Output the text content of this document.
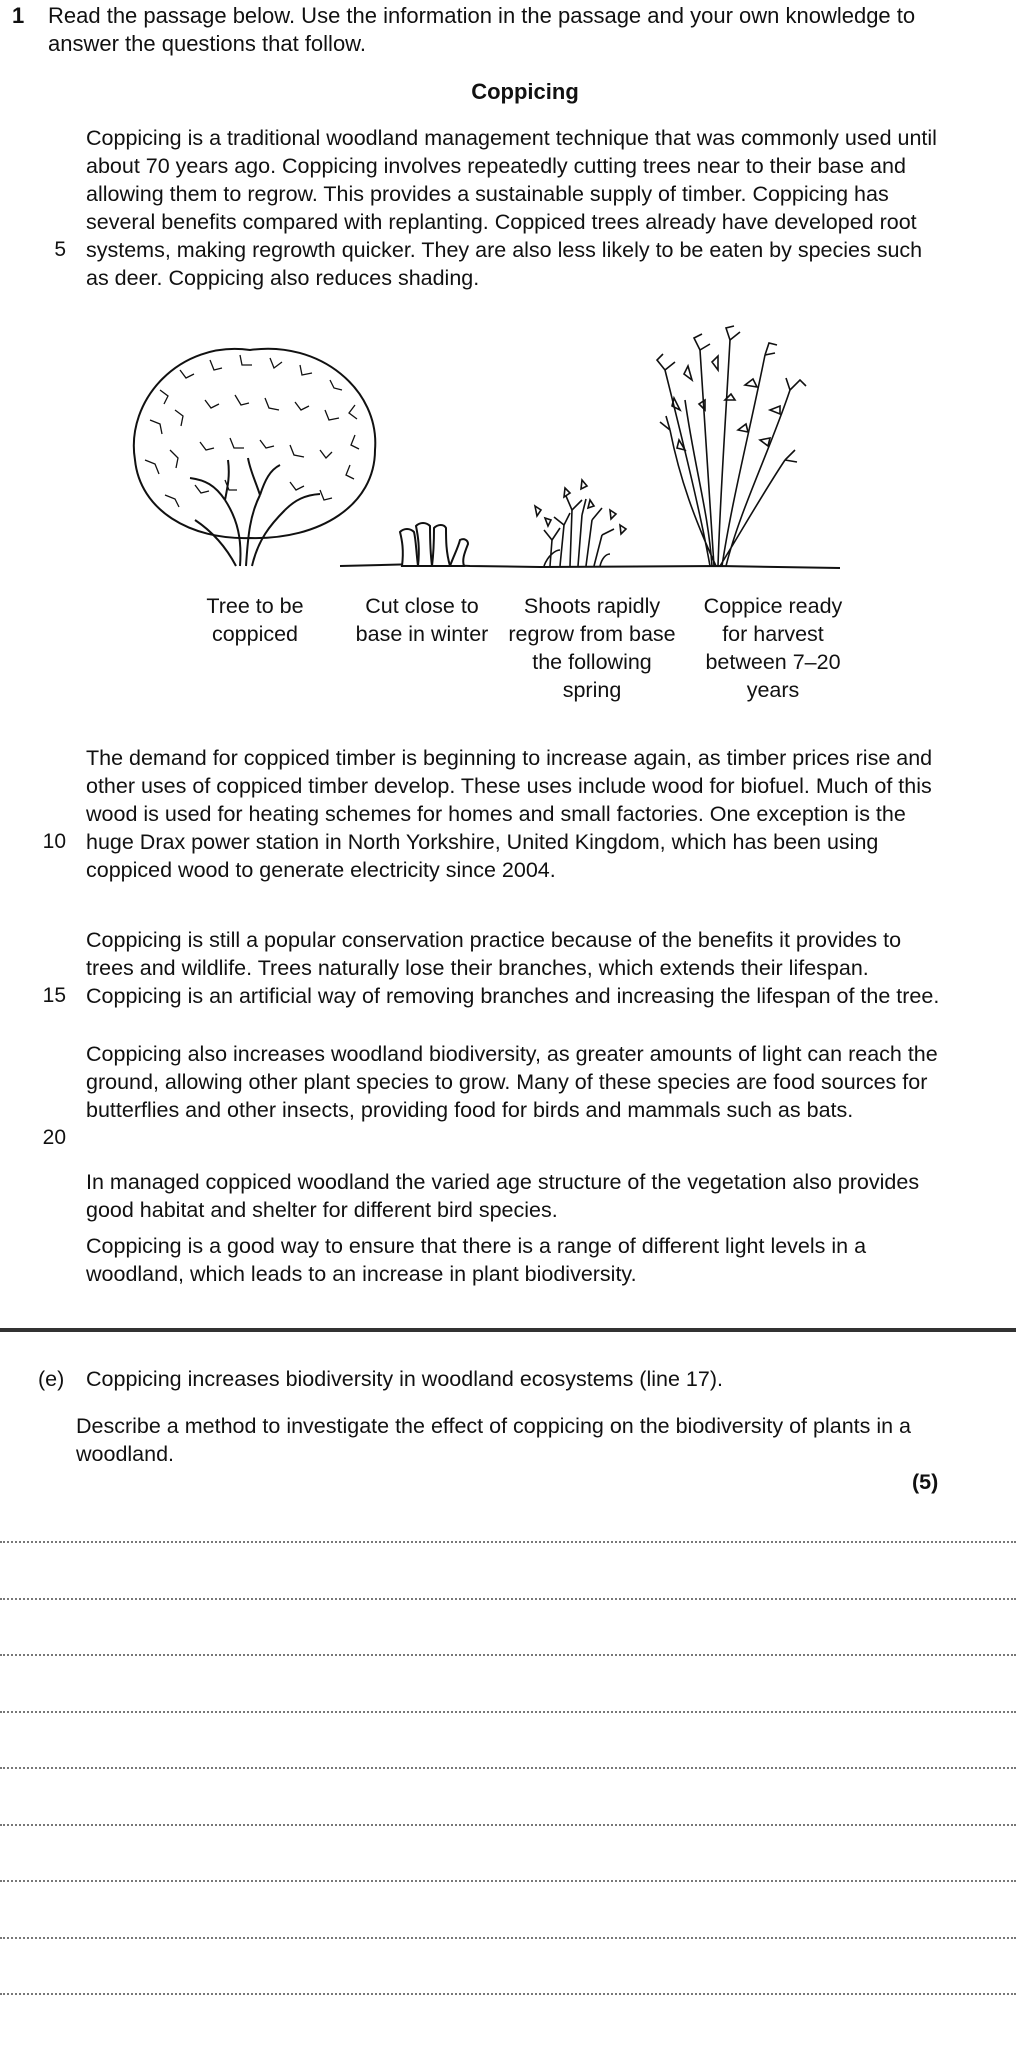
1 Read the passage below. Use the information in the passage and your own knowledge to answer the questions that follow.
Coppicing
Coppicing is a traditional woodland management technique that was commonly used until about 70 years ago. Coppicing involves repeatedly cutting trees near to their base and allowing them to regrow. This provides a sustainable supply of timber. Coppicing has several benefits compared with replanting. Coppiced trees already have developed root systems, making regrowth quicker. They are also less likely to be eaten by species such as deer. Coppicing also reduces shading.
5
Tree to be coppiced
Cut close to base in winter
Shoots rapidly regrow from base the following spring
Coppice ready for harvest between 7–20 years
The demand for coppiced timber is beginning to increase again, as timber prices rise and other uses of coppiced timber develop. These uses include wood for biofuel. Much of this wood is used for heating schemes for homes and small factories. One exception is the huge Drax power station in North Yorkshire, United Kingdom, which has been using coppiced wood to generate electricity since 2004.
10
Coppicing is still a popular conservation practice because of the benefits it provides to trees and wildlife. Trees naturally lose their branches, which extends their lifespan. Coppicing is an artificial way of removing branches and increasing the lifespan of the tree.
15
Coppicing also increases woodland biodiversity, as greater amounts of light can reach the ground, allowing other plant species to grow. Many of these species are food sources for butterflies and other insects, providing food for birds and mammals such as bats.
20
In managed coppiced woodland the varied age structure of the vegetation also provides good habitat and shelter for different bird species.
Coppicing is a good way to ensure that there is a range of different light levels in a woodland, which leads to an increase in plant biodiversity.
(e) Coppicing increases biodiversity in woodland ecosystems (line 17).
Describe a method to investigate the effect of coppicing on the biodiversity of plants in a woodland.
(5)
